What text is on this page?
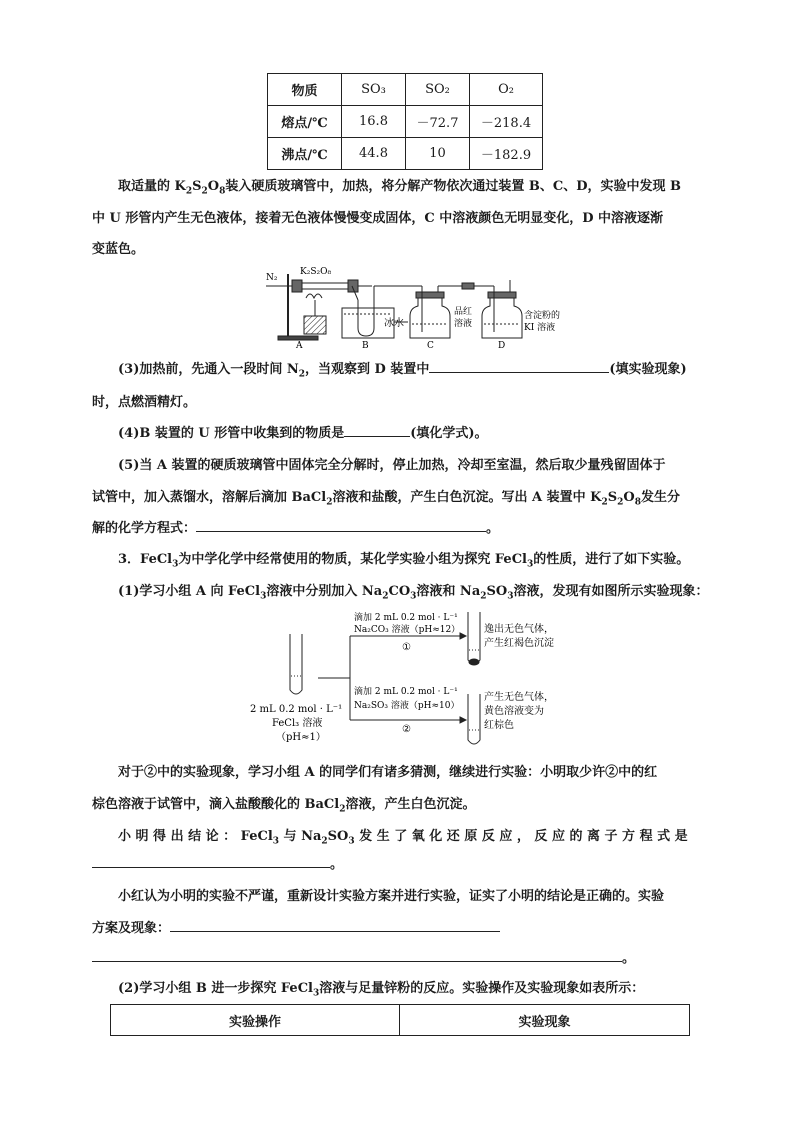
物质	SO₃	SO₂	O₂
熔点/℃	16.8	－72.7	－218.4
沸点/℃	44.8	10	－182.9
取适量的 $K_2S_2O_8$装入硬质玻璃管中，加热，将分解产物依次通过装置 B、C、D，实验中发现 B
中 U 形管内产生无色液体，接着无色液体慢慢变成固体，C 中溶液颜色无明显变化，D 中溶液逐渐
变蓝色。
N₂
K₂S₂O₈
A	B	C	D
冰水
品红
溶液
含淀粉的
KI 溶液
(3)加热前，先通入一段时间 $N_2$，当观察到 D 装置中	(填实验现象)
时，点燃酒精灯。
(4)B 装置的 U 形管中收集到的物质是	(填化学式)。
(5)当 A 装置的硬质玻璃管中固体完全分解时，停止加热，冷却至室温，然后取少量残留固体于
试管中，加入蒸馏水，溶解后滴加 BaCl$_2$溶液和盐酸，产生白色沉淀。写出 A 装置中 $K_2S_2O_8$发生分
解的化学方程式：	。
3．FeCl$_3$为中学化学中经常使用的物质，某化学实验小组为探究 FeCl$_3$的性质，进行了如下实验。
(1)学习小组 A 向 FeCl$_3$溶液中分别加入 $Na_2CO_3$溶液和 $Na_2SO_3$溶液，发现有如图所示实验现象：
2 mL 0.2 mol · L⁻¹
FeCl₃ 溶液
（pH≈1）
滴加 2 mL 0.2 mol · L⁻¹
Na₂CO₃ 溶液（pH≈12）
①
逸出无色气体，
产生红褐色沉淀
滴加 2 mL 0.2 mol · L⁻¹
Na₂SO₃ 溶液（pH≈10）
②
产生无色气体，
黄色溶液变为
红棕色
对于②中的实验现象，学习小组 A 的同学们有诸多猜测，继续进行实验：小明取少许②中的红
棕色溶液于试管中，滴入盐酸酸化的 BaCl$_2$溶液，产生白色沉淀。
小 明 得 出 结 论 ： FeCl$_3$ 与 $Na_2SO_3$ 发 生 了 氧 化 还 原 反 应 ， 反 应 的 离 子 方 程 式 是
。
小红认为小明的实验不严谨，重新设计实验方案并进行实验，证实了小明的结论是正确的。实验
方案及现象：
。
(2)学习小组 B 进一步探究 FeCl$_3$溶液与足量锌粉的反应。实验操作及实验现象如表所示：
实验操作	实验现象
